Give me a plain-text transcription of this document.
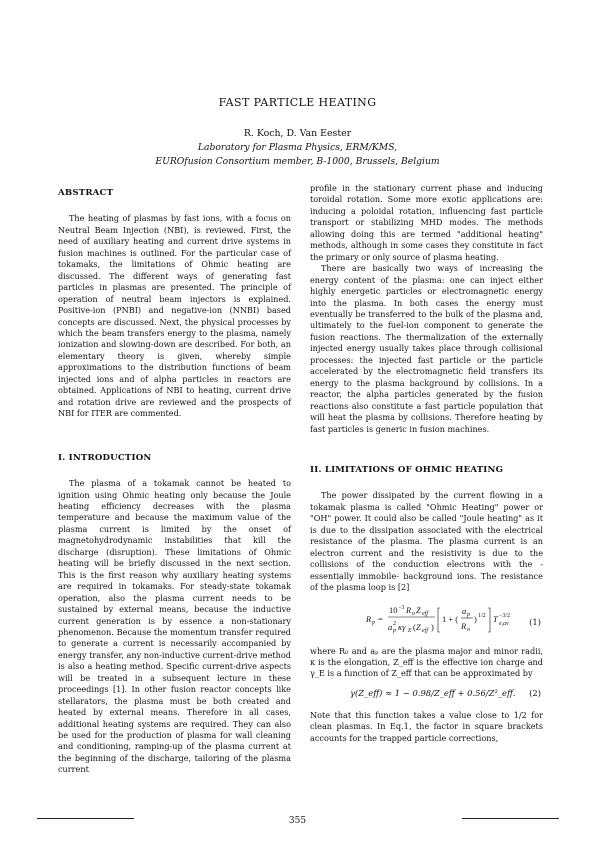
FAST PARTICLE HEATING
R. Koch, D. Van Eester
Laboratory for Plasma Physics, ERM/KMS,
EUROfusion Consortium member, B-1000, Brussels, Belgium
ABSTRACT

The heating of plasmas by fast ions, with a focus on Neutral Beam Injection (NBI), is reviewed. First, the need of auxiliary heating and current drive systems in fusion machines is outlined. For the particular case of tokamaks, the limitations of Ohmic heating are discussed. The different ways of generating fast particles in plasmas are presented. The principle of operation of neutral beam injectors is explained. Positive-ion (PNBI) and negative-ion (NNBI) based concepts are discussed. Next, the physical processes by which the beam transfers energy to the plasma, namely ionization and slowing-down are described. For both, an elementary theory is given, whereby simple approximations to the distribution functions of beam injected ions and of alpha particles in reactors are obtained. Applications of NBI to heating, current drive and rotation drive are reviewed and the prospects of NBI for ITER are commented.

I. INTRODUCTION

The plasma of a tokamak cannot be heated to ignition using Ohmic heating only because the Joule heating efficiency decreases with the plasma temperature and because the maximum value of the plasma current is limited by the onset of magnetohydrodynamic instabilities that kill the discharge (disruption). These limitations of Ohmic heating will be briefly discussed in the next section. This is the first reason why auxiliary heating systems are required in tokamaks. For steady-state tokamak operation, also the plasma current needs to be sustained by external means, because the inductive current generation is by essence a non-stationary phenomenon. Because the momentum transfer required to generate a current is necessarily accompanied by energy transfer, any non-inductive current-drive method is also a heating method. Specific current-drive aspects will be treated in a subsequent lecture in these proceedings [1]. In other fusion reactor concepts like stellarators, the plasma must be both created and heated by external means. Therefore in all cases, additional heating systems are required. They can also be used for the production of plasma for wall cleaning and conditioning, ramping-up of the plasma current at the beginning of the discharge, tailoring of the plasma current

profile in the stationary current phase and inducing toroidal rotation. Some more exotic applications are: inducing a poloidal rotation, influencing fast particle transport or stabilizing MHD modes. The methods allowing doing this are termed "additional heating" methods, although in some cases they constitute in fact the primary or only source of plasma heating.

There are basically two ways of increasing the energy content of the plasma: one can inject either highly energetic particles or electromagnetic energy into the plasma. In both cases the energy must eventually be transferred to the bulk of the plasma and, ultimately to the fuel-ion component to generate the fusion reactions. The thermalization of the externally injected energy usually takes place through collisional processes: the injected fast particle or the particle accelerated by the electromagnetic field transfers its energy to the plasma background by collisions. In a reactor, the alpha particles generated by the fusion reactions also constitute a fast particle population that will heat the plasma by collisions. Therefore heating by fast particles is generic in fusion machines.

II. LIMITATIONS OF OHMIC HEATING

The power dissipated by the current flowing in a tokamak plasma is called "Ohmic Heating" power or "OH" power. It could also be called "Joule heating" as it is due to the dissipation associated with the electrical resistance of the plasma. The plasma current is an electron current and the resistivity is due to the collisions of the conduction electrons with the -essentially immobile- background ions. The resistance of the plasma loop is [2]

R p =
10 −3 R o Z eff
a 2
p κγ E ( Z eff )
1 + (
a p
R o
) 1/2 T −3/2
e,av (1)

where R₀ and aₚ are the plasma major and minor radii, κ is the elongation, Z_eff is the effective ion charge and γ_E is a function of Z_eff that can be approximated by

γ(Z_eff) ≈ 1 − 0.98/Z_eff + 0.56/Z²_eff. (2)

Note that this function takes a value close to 1/2 for clean plasmas. In Eq.1, the factor in square brackets accounts for the trapped particle corrections,

355
